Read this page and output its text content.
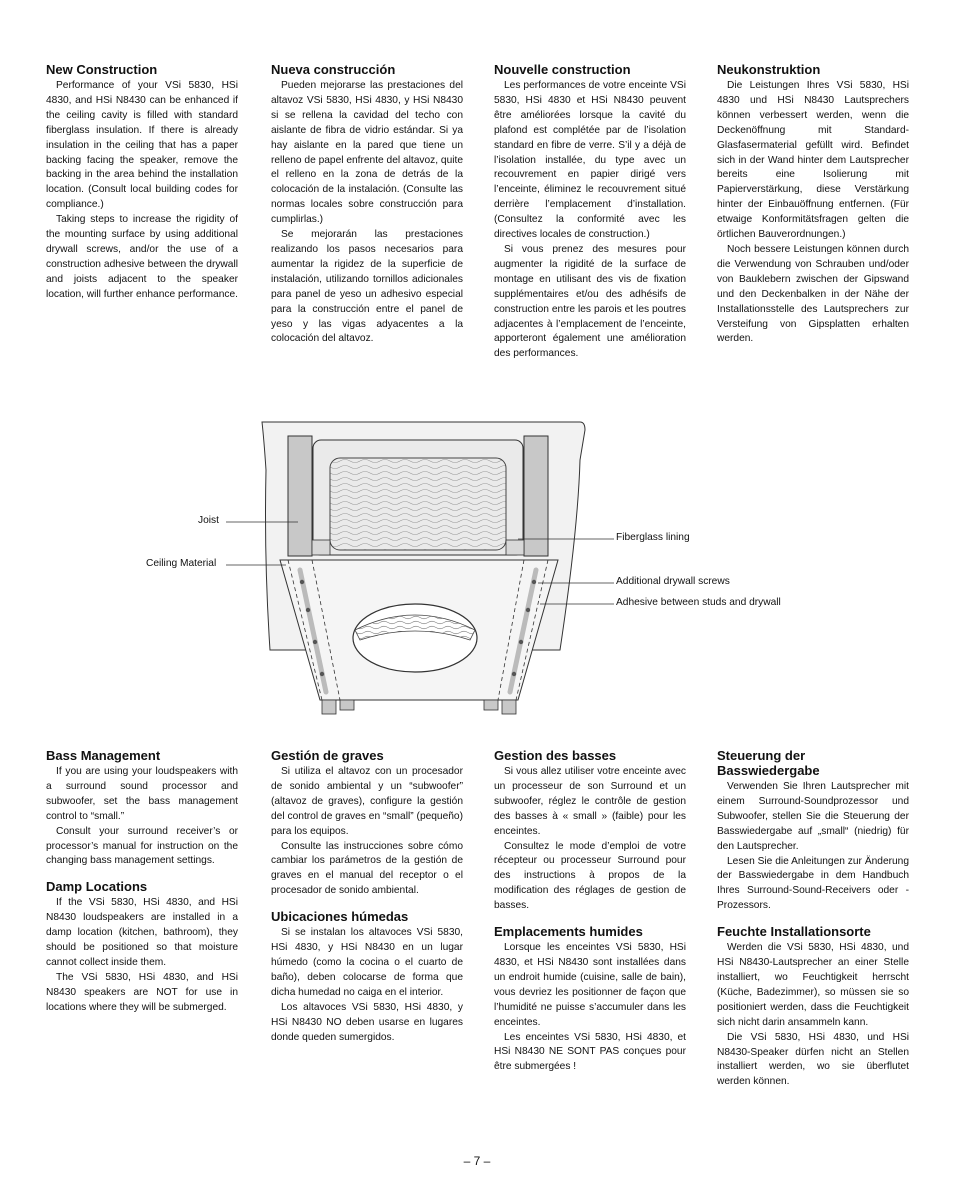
New Construction

Performance of your VSi 5830, HSi 4830, and HSi N8430 can be enhanced if the ceiling cavity is filled with standard fiberglass insulation. If there is already insulation in the ceiling that has a paper backing facing the speaker, remove the backing in the area behind the installation location. (Consult local building codes for compliance.)

Taking steps to increase the rigidity of the mounting surface by using additional drywall screws, and/or the use of a construction adhesive between the drywall and joists adjacent to the speaker location, will further enhance performance.

Nueva construcción

Pueden mejorarse las prestaciones del altavoz VSi 5830, HSi 4830, y HSi N8430 si se rellena la cavidad del techo con aislante de fibra de vidrio estándar. Si ya hay aislante en la pared que tiene un relleno de papel enfrente del altavoz, quite el relleno en la zona de detrás de la colocación de la instalación. (Consulte las normas locales sobre construcción para cumplirlas.)

Se mejorarán las prestaciones realizando los pasos necesarios para aumentar la rigidez de la superficie de instalación, utilizando tornillos adicionales para panel de yeso un adhesivo especial para la construcción entre el panel de yeso y las vigas adyacentes a la colocación del altavoz.

Nouvelle construction

Les performances de votre enceinte VSi 5830, HSi 4830 et HSi N8430 peuvent être améliorées lorsque la cavité du plafond est complétée par de l’isolation standard en fibre de verre. S’il y a déjà de l’isolation installée, du type avec un recouvrement en papier dirigé vers l’enceinte, éliminez le recouvrement situé derrière l’emplacement d’installation. (Consultez la conformité avec les directives locales de construction.)

Si vous prenez des mesures pour augmenter la rigidité de la surface de montage en utilisant des vis de fixation supplémentaires et/ou des adhésifs de construction entre les parois et les poutres adjacentes à l’emplacement de l’enceinte, apporteront également une amélioration des performances.

Neukonstruktion

Die Leistungen Ihres VSi 5830, HSi 4830 und HSi N8430 Lautsprechers können verbessert werden, wenn die Deckenöffnung mit Standard-Glasfasermaterial gefüllt wird. Befindet sich in der Wand hinter dem Lautsprecher bereits eine Isolierung mit Papierverstärkung, diese Verstärkung hinter der Einbauöffnung entfernen. (Für etwaige Konformitätsfragen gelten die örtlichen Bauverordnungen.)

Noch bessere Leistungen können durch die Verwendung von Schrauben und/oder von Bauklebern zwischen der Gipswand und den Deckenbalken in der Nähe der Installationsstelle des Lautsprechers zur Versteifung von Gipsplatten erhalten werden.

Joist
Ceiling Material
Fiberglass lining
Additional drywall screws
Adhesive between studs and drywall
Bass Management

If you are using your loudspeakers with a surround sound processor and subwoofer, set the bass management control to “small.”

Consult your surround receiver’s or processor’s manual for instruction on the changing bass management settings.

Damp Locations

If the VSi 5830, HSi 4830, and HSi N8430 loudspeakers are installed in a damp location (kitchen, bathroom), they should be positioned so that moisture cannot collect inside them.

The VSi 5830, HSi 4830, and HSi N8430 speakers are NOT for use in locations where they will be submerged.

Gestión de graves

Si utiliza el altavoz con un procesador de sonido ambiental y un “subwoofer” (altavoz de graves), configure la gestión del control de graves en “small” (pequeño) para los equipos.

Consulte las instrucciones sobre cómo cambiar los parámetros de la gestión de graves en el manual del receptor o el procesador de sonido ambiental.

Ubicaciones húmedas

Si se instalan los altavoces VSi 5830, HSi 4830, y HSi N8430 en un lugar húmedo (como la cocina o el cuarto de baño), deben colocarse de forma que dicha humedad no caiga en el interior.

Los altavoces VSi 5830, HSi 4830, y HSi N8430 NO deben usarse en lugares donde queden sumergidos.

Gestion des basses

Si vous allez utiliser votre enceinte avec un processeur de son Surround et un subwoofer, réglez le contrôle de gestion des basses à « small » (faible) pour les enceintes.

Consultez le mode d’emploi de votre récepteur ou processeur Surround pour des instructions à propos de la modification des réglages de gestion de basses.

Emplacements humides

Lorsque les enceintes VSi 5830, HSi 4830, et HSi N8430 sont installées dans un endroit humide (cuisine, salle de bain), vous devriez les positionner de façon que l’humidité ne puisse s’accumuler dans les enceintes.

Les enceintes VSi 5830, HSi 4830, et HSi N8430 NE SONT PAS conçues pour être submergées !

Steuerung der Basswiedergabe

Verwenden Sie Ihren Lautsprecher mit einem Surround-Soundprozessor und Subwoofer, stellen Sie die Steuerung der Basswiedergabe auf „small“ (niedrig) für den Lautsprecher.

Lesen Sie die Anleitungen zur Änderung der Basswiedergabe in dem Handbuch Ihres Surround-Sound-Receivers oder -Prozessors.

Feuchte Installationsorte

Werden die VSi 5830, HSi 4830, und HSi N8430-Lautsprecher an einer Stelle installiert, wo Feuchtigkeit herrscht (Küche, Badezimmer), so müssen sie so positioniert werden, dass die Feuchtigkeit sich nicht darin ansammeln kann.

Die VSi 5830, HSi 4830, und HSi N8430-Speaker dürfen nicht an Stellen installiert werden, wo sie überflutet werden können.

– 7 –
